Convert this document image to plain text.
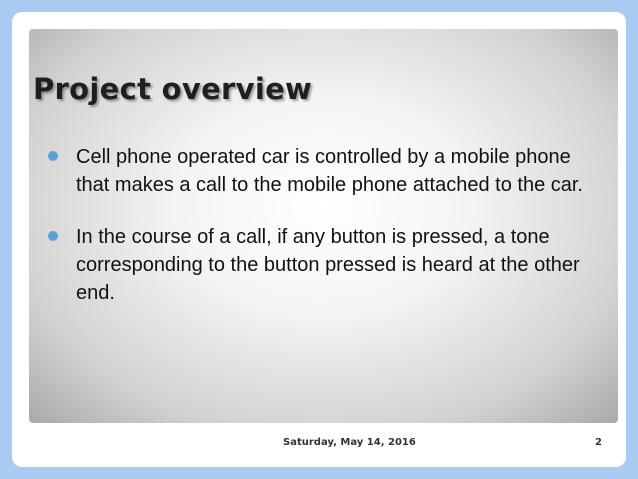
Project overview
Cell phone operated car is controlled by a mobile phone that makes a call to the mobile phone attached to the car.
In the course of a call, if any button is pressed, a tone corresponding to the button pressed is heard at the other end.
Saturday, May 14, 2016	2
